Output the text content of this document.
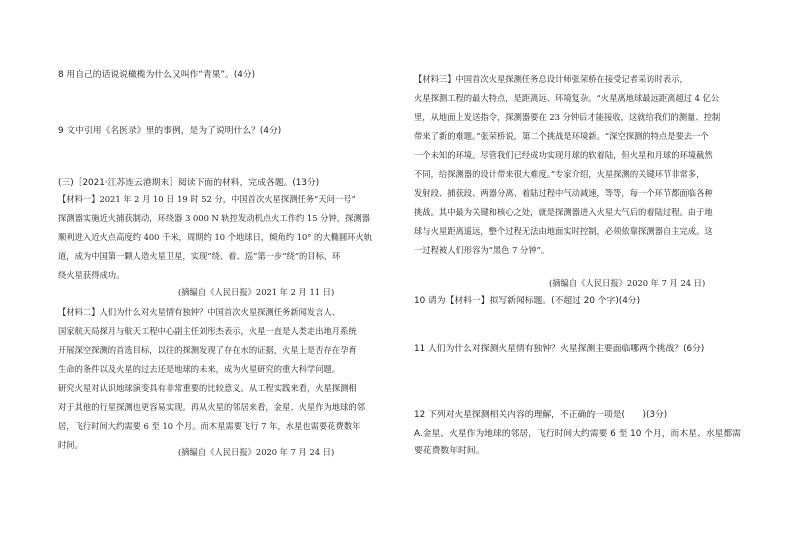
8 用自己的话说说橄榄为什么又叫作“青果”。(4分)
9 文中引用《名医录》里的事例，是为了说明什么？(4分)
(三)［2021·江苏连云港期末］阅读下面的材料，完成各题。(13分)
【材料一】2021 年 2 月 10 日 19 时 52 分，中国首次火星探测任务“天问一号”
探测器实施近火捕获制动，环绕器 3 000 N 轨控发动机点火工作约 15 分钟，探测器
顺利进入近火点高度约 400 千米，周期约 10 个地球日，倾角约 10° 的大椭圆环火轨
道，成为中国第一颗人造火星卫星，实现“绕、着、巡”第一步“绕”的目标，环
绕火星获得成功。
(摘编自《人民日报》2021 年 2 月 11 日)
【材料二】人们为什么对火星情有独钟？中国首次火星探测任务新闻发言人、
国家航天局探月与航天工程中心副主任刘彤杰表示，火星一直是人类走出地月系统
开展深空探测的首选目标，以往的探测发现了存在水的证据，火星上是否存在孕育
生命的条件以及火星的过去还是地球的未来，成为火星研究的重大科学问题。
研究火星对认识地球演变具有非常重要的比较意义。从工程实践来看，火星探测相
对于其他的行星探测也更容易实现。再从火星的邻居来看，金星、火星作为地球的邻
居，飞行时间大约需要 6 至 10 个月。而木星需要飞行 7 年，水星也需要花费数年
时间。
(摘编自《人民日报》2020 年 7 月 24 日)
【材料三】中国首次火星探测任务总设计师张荣桥在接受记者采访时表示，
火星探测工程的最大特点，是距离远、环境复杂。“火星离地球最远距离超过 4 亿公
里，从地面上发送指令，探测器要在 23 分钟后才能接收，这就给我们的测量、控制
带来了新的难题。”张荣桥说，第二个挑战是环境新。“深空探测的特点是要去一个
一个未知的环境。尽管我们已经成功实现月球的软着陆，但火星和月球的环境截然
不同，给探测器的设计带来很大难度。”专家介绍，火星探测的关键环节非常多，
发射段、捕获段、两器分离、着陆过程中气动减速，等等，每一个环节都面临各种
挑战。其中最为关键和核心之处，就是探测器进入火星大气后的着陆过程。由于地
球与火星距离遥远，整个过程无法由地面实时控制，必须依靠探测器自主完成。这
一过程被人们形容为“黑色 7 分钟”。
(摘编自《人民日报》2020 年 7 月 24 日)
10 请为【材料一】拟写新闻标题。(不超过 20 个字)(4分)
11 人们为什么对探测火星情有独钟？火星探测主要面临哪两个挑战？(6分)
12 下列对火星探测相关内容的理解，不正确的一项是(　　)(3分)
A.金星、火星作为地球的邻居，飞行时间大约需要 6 至 10 个月，而木星、水星都需
要花费数年时间。
